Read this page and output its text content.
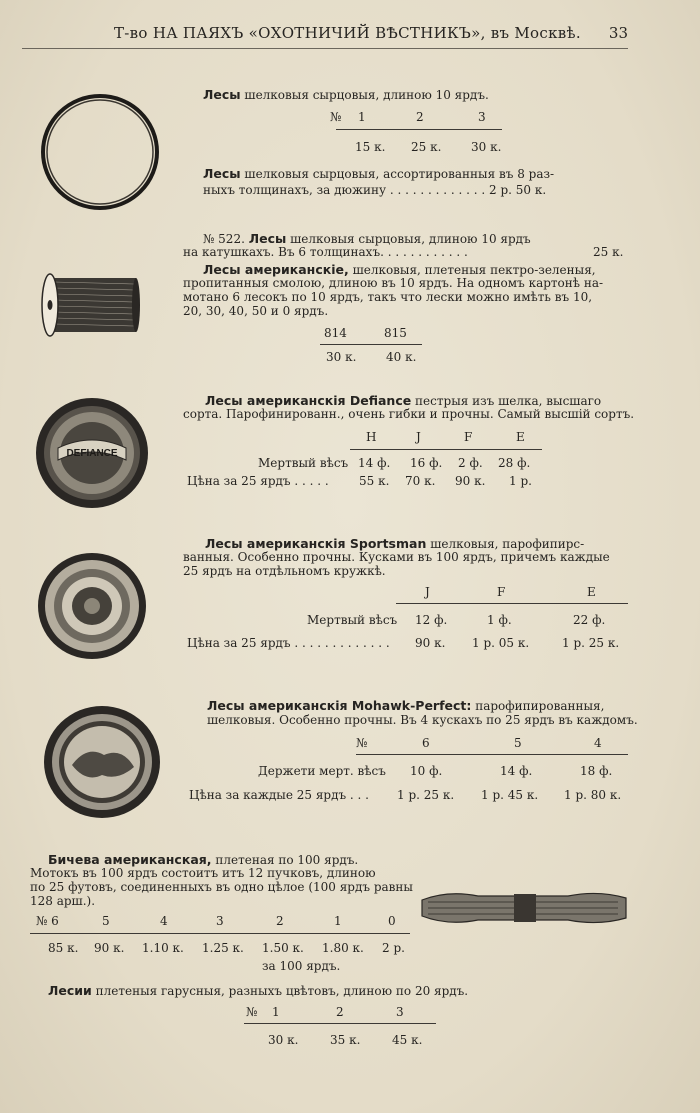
Т-во НА ПАЯХЪ «ОХОТНИЧИЙ ВѢСТНИКЪ», въ Москвѣ. 33
Лесы шелковыя сырцовыя, длиною 10 ярдъ.
№ 1	2	3
15 к. 25 к. 30 к.
Лесы шелковыя сырцовыя, ассортированныя въ 8 раз-
ныхъ толщинахъ, за дюжину . . . . . . . . . . . . . 2 р. 50 к.
№ 522. Лесы шелковыя сырцовыя, длиною 10 ярдъ
на катушкахъ. Въ 6 толщинахъ. . . . . . . . . . . .	25 к.
Лесы американскiе, шелковыя, плетеныя пектро-зеленыя,
пропитанныя смолою, длиною въ 10 ярдъ. На одномъ картонѣ на-
мотано 6 лесокъ по 10 ярдъ, такъ что лески можно имѣть въ 10,
20, 30, 40, 50 и 0 ярдъ.
814	815
30 к. 40 к.
DEFIANCE
Лесы американскiя Defiance пестрыя изъ шелка, высшаго
сорта. Парофинированн., очень гибки и прочны. Самый высшiй сортъ.
H	J	F	E
Мертвый вѣсъ 14 ф. 16 ф. 2 ф. 28 ф.
Цѣна за 25 ярдъ . . . . .	55 к. 70 к. 90 к. 1 р.
Лесы американскiя Sportsman шелковыя, парофипирс-
ванныя. Особенно прочны. Кусками въ 100 ярдъ, причемъ каждые
25 ярдъ на отдѣльномъ кружкѣ.
J	F	E
Мертвый вѣсъ 12 ф.	1 ф.	22 ф.
Цѣна за 25 ярдъ . . . . . . . . . . . . . 90 к. 1 р. 05 к.	1 р. 25 к.
Лесы американскiя Mohawk-Perfect: парофипированныя,
шелковыя. Особенно прочны. Въ 4 кускахъ по 25 ярдъ въ каждомъ.
№	6	5	4
Держети мерт. вѣсъ 10 ф.	14 ф.	18 ф.
Цѣна за каждые 25 ярдъ . . . 1 р. 25 к. 1 р. 45 к. 1 р. 80 к.
Бичева американская, плетеная по 100 ярдъ.
Мотокъ въ 100 ярдъ состоитъ итъ 12 пучковъ, длиною
по 25 футовъ, соединенныхъ въ одно цѣлое (100 ярдъ равны
128 арш.).
№ 6	5	4	3	2	1	0
85 к. 90 к. 1.10 к. 1.25 к. 1.50 к. 1.80 к. 2 р.
за 100 ярдъ.
Лесии плетеныя гарусныя, разныхъ цвѣтовъ, длиною по 20 ярдъ.
№ 1	2	3
30 к.	35 к.	45 к.
